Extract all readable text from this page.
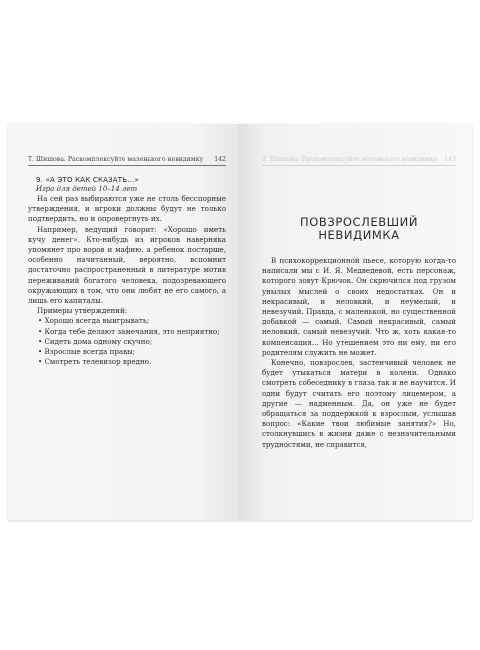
Т. Шишова. Раскомплексуйте маленького невидимку 142
9. «А ЭТО КАК СКАЗАТЬ...»
Игра для детей 10–14 лет

На сей раз выбираются уже не столь бесспорные утверждения, и игроки должны будут не только подтвердить, но и опровергнуть их.

Например, ведущий говорит: «Хорошо иметь кучу денег». Кто-нибудь из игроков наверняка упомянет про воров и мафию, а ребенок постарше, особенно начитанный, вероятно, вспомнит достаточно распространенный в литературе мотив переживаний богатого человека, подозревающего окружающих в том, что они любят не его самого, а лишь его капиталы.

Примеры утверждений:

• Хорошо всегда выигрывать;
• Когда тебе делают замечания, это неприятно;
• Сидеть дома одному скучно;
• Взрослые всегда правы;
• Смотреть телевизор вредно.
Т. Шишова. Раскомплексуйте маленького невидимку 143
ПОВЗРОСЛЕВШИЙ
НЕВИДИМКА

В психокоррекционной пьесе, которую когда-то написали мы с И. Я. Медведевой, есть персонаж, которого зовут Крючок. Он скрючился под грузом унылых мыслей о своих недостатках. Он и некрасивый, и неловкий, и неумелый, и невезучий. Правда, с маленькой, но существенной добавкой — самый. Самый некрасивый, самый неловкий, самый невезучий. Что ж, хоть какая-то компенсация... Но утешением это ни ему, ни его родителям служить не может.

Конечно, повзрослев, застенчивый человек не будет утыкаться матери в колени. Однако смотреть собеседнику в глаза так и не научится. И одни будут считать его поэтому лицемером, а другие — надменным. Да, он уже не будет обращаться за поддержкой к взрослым, услышав вопрос: «Какие твои любимые занятия?» Но, столкнувшись в жизни даже с незначительными трудностями, не справится,
